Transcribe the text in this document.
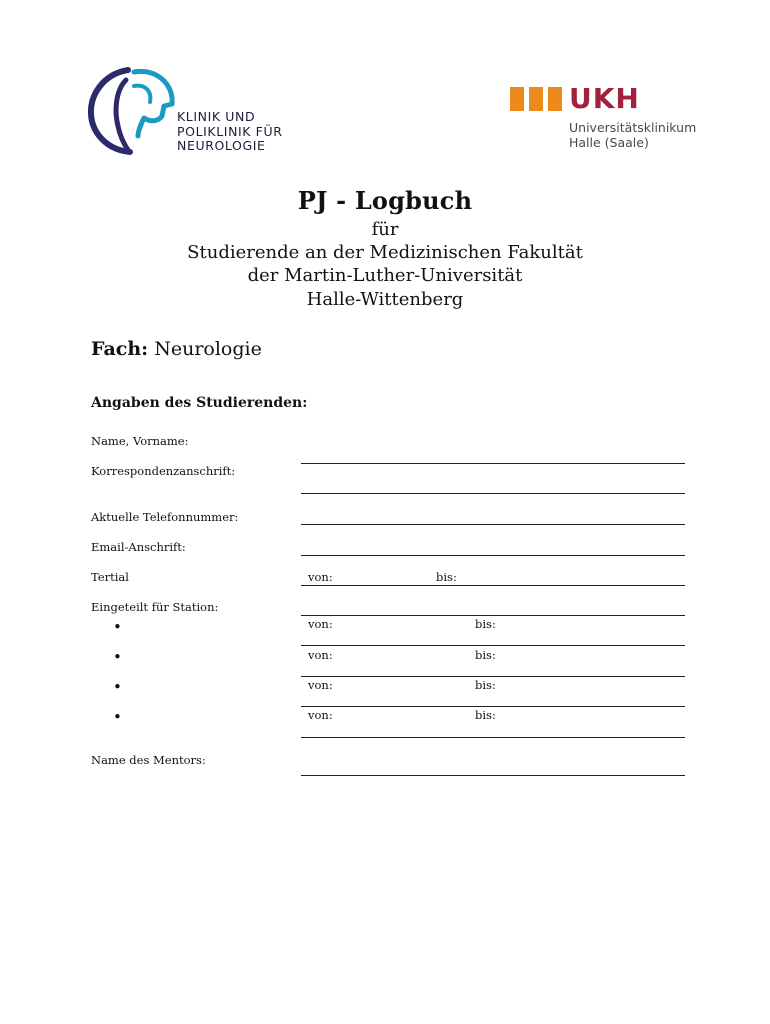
KLINIK UND
POLIKLINIK FÜR
NEUROLOGIE
UKH
Universitätsklinikum
Halle (Saale)
PJ - Logbuch
für
Studierende an der Medizinischen Fakultät
der Martin-Luther-Universität
Halle-Wittenberg
Fach: Neurologie
Angaben des Studierenden:
Name, Vorname:
Korrespondenzanschrift:
Aktuelle Telefonnummer:
Email-Anschrift:
Tertial	von:	bis:
Eingeteilt für Station:
•	von:	bis:
•	von:	bis:
•	von:	bis:
•	von:	bis:
Name des Mentors:
